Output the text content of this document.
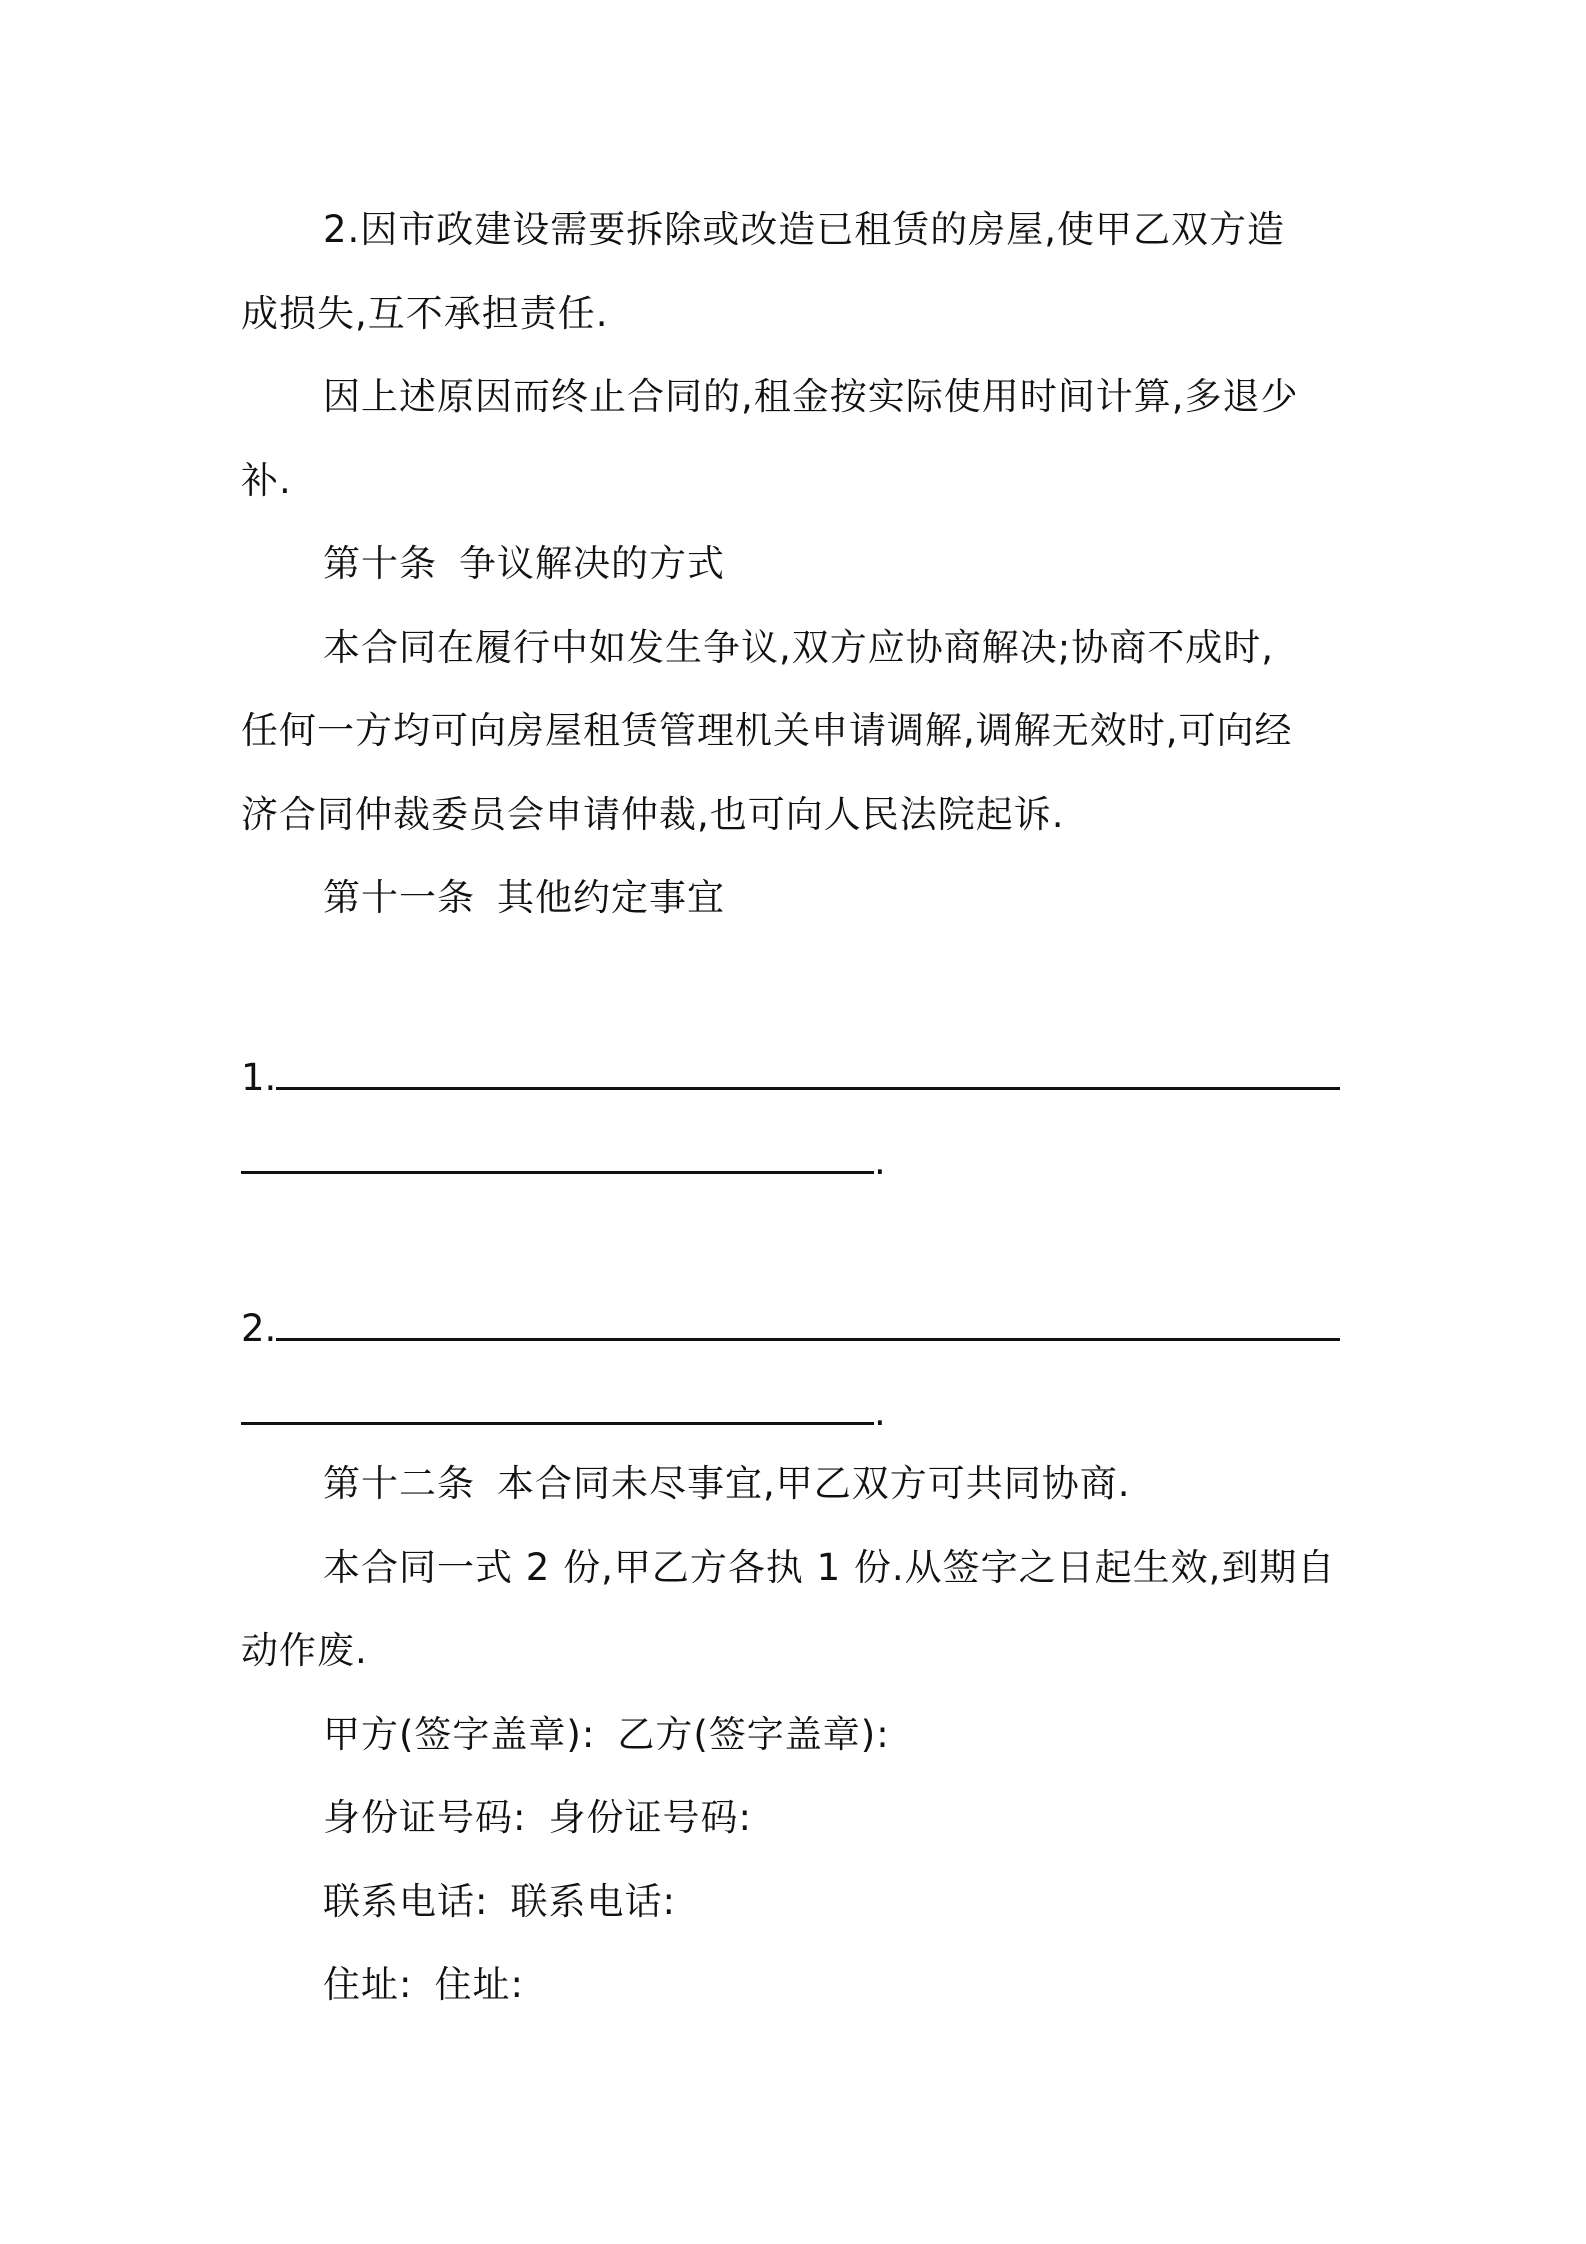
2.因市政建设需要拆除或改造已租赁的房屋,使甲乙双方造
成损失,互不承担责任.
因上述原因而终止合同的,租金按实际使用时间计算,多退少
补.
第十条 争议解决的方式
本合同在履行中如发生争议,双方应协商解决;协商不成时,
任何一方均可向房屋租赁管理机关申请调解,调解无效时,可向经
济合同仲裁委员会申请仲裁,也可向人民法院起诉.
第十一条 其他约定事宜
1.
.
2.
.
第十二条 本合同未尽事宜,甲乙双方可共同协商.
本合同一式 2 份,甲乙方各执 1 份.从签字之日起生效,到期自
动作废.
甲方(签字盖章): 乙方(签字盖章):
身份证号码: 身份证号码:
联系电话: 联系电话:
住址: 住址:
